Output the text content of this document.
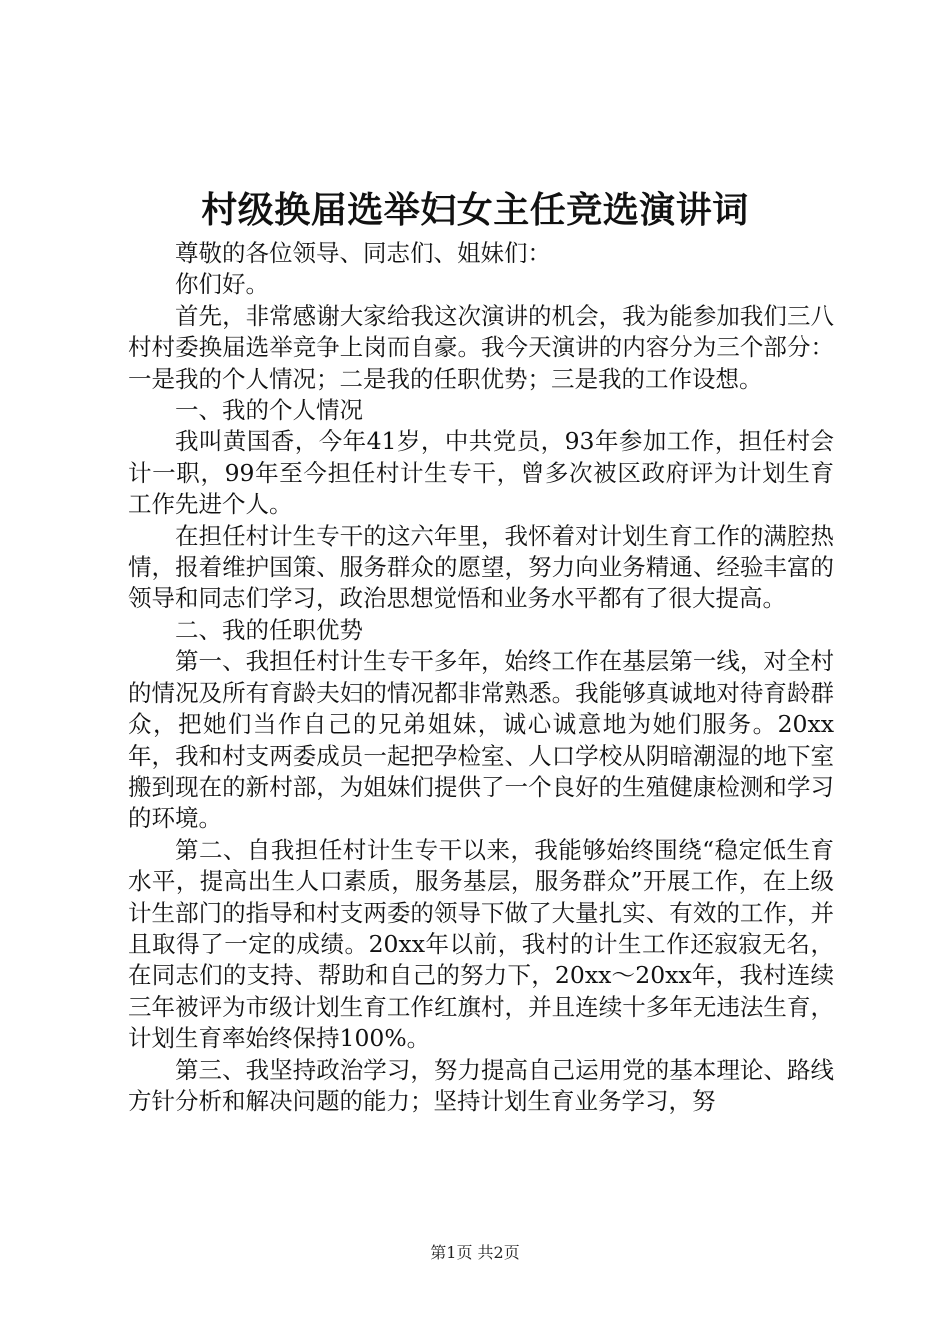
村级换届选举妇女主任竞选演讲词

尊敬的各位领导、同志们、姐妹们：

你们好。

首先，非常感谢大家给我这次演讲的机会，我为能参加我们三八村村委换届选举竞争上岗而自豪。我今天演讲的内容分为三个部分：一是我的个人情况；二是我的任职优势；三是我的工作设想。

一、我的个人情况

我叫黄国香，今年41岁，中共党员，93年参加工作，担任村会计一职，99年至今担任村计生专干，曾多次被区政府评为计划生育工作先进个人。

在担任村计生专干的这六年里，我怀着对计划生育工作的满腔热情，报着维护国策、服务群众的愿望，努力向业务精通、经验丰富的领导和同志们学习，政治思想觉悟和业务水平都有了很大提高。

二、我的任职优势

第一、我担任村计生专干多年，始终工作在基层第一线，对全村的情况及所有育龄夫妇的情况都非常熟悉。我能够真诚地对待育龄群众，把她们当作自己的兄弟姐妹，诚心诚意地为她们服务。20xx年，我和村支两委成员一起把孕检室、人口学校从阴暗潮湿的地下室搬到现在的新村部，为姐妹们提供了一个良好的生殖健康检测和学习的环境。

第二、自我担任村计生专干以来，我能够始终围绕“稳定低生育水平，提高出生人口素质，服务基层，服务群众”开展工作，在上级计生部门的指导和村支两委的领导下做了大量扎实、有效的工作，并且取得了一定的成绩。20xx年以前，我村的计生工作还寂寂无名，在同志们的支持、帮助和自己的努力下，20xx～20xx年，我村连续三年被评为市级计划生育工作红旗村，并且连续十多年无违法生育，计划生育率始终保持100%。

第三、我坚持政治学习，努力提高自己运用党的基本理论、路线方针分析和解决问题的能力；坚持计划生育业务学习，努

第1页 共2页
